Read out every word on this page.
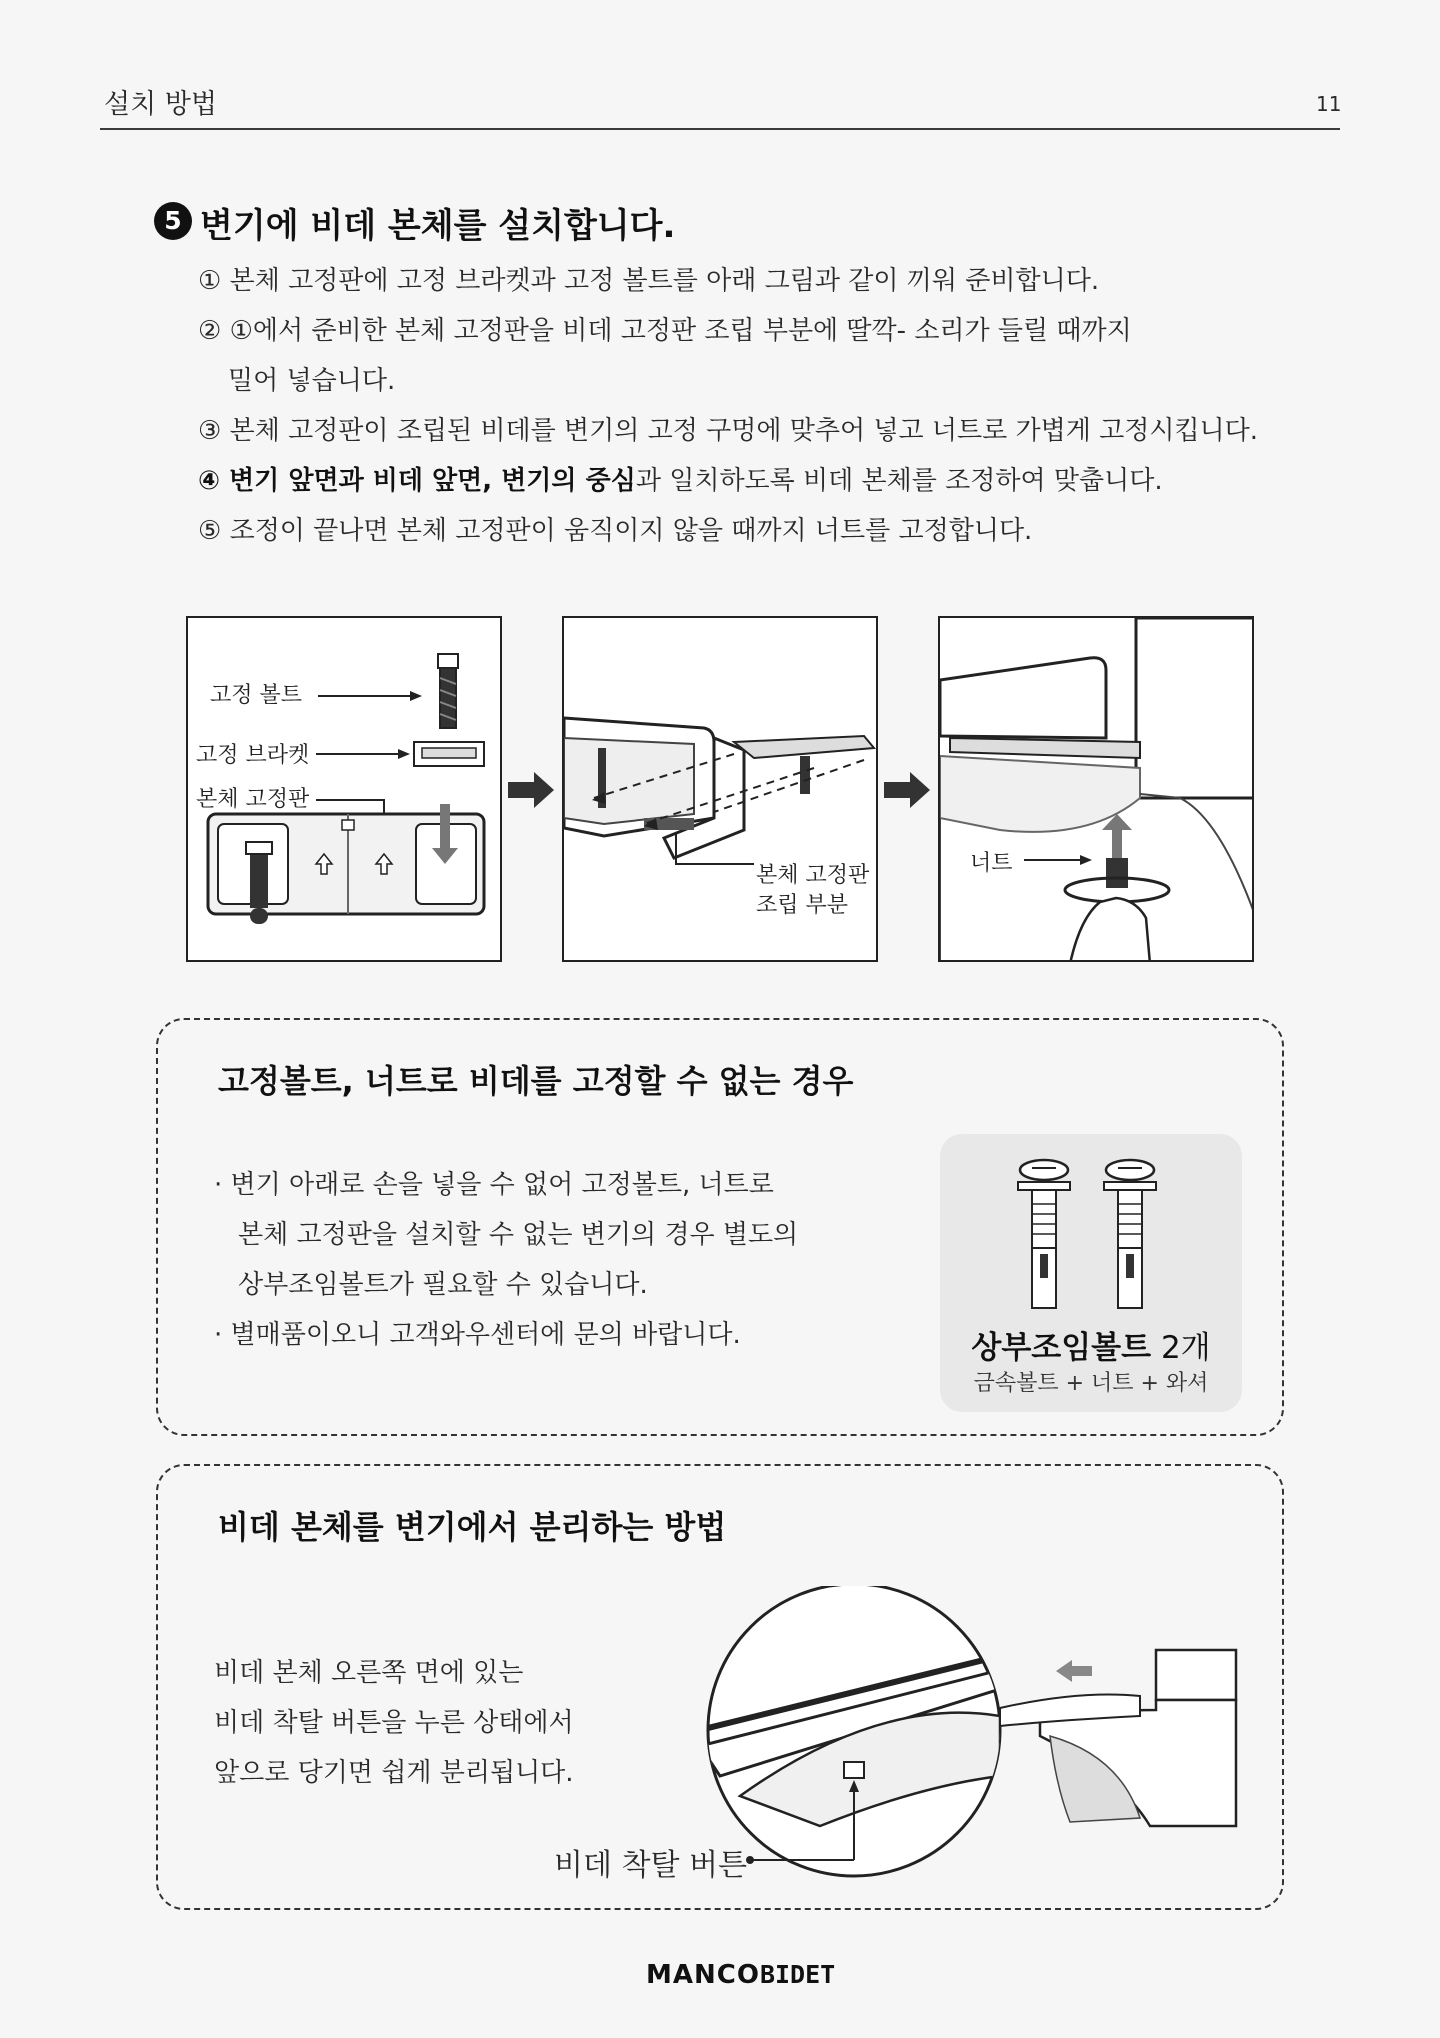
설치 방법	11
5 변기에 비데 본체를 설치합니다.
① 본체 고정판에 고정 브라켓과 고정 볼트를 아래 그림과 같이 끼워 준비합니다.
② ①에서 준비한 본체 고정판을 비데 고정판 조립 부분에 딸깍- 소리가 들릴 때까지
밀어 넣습니다.
③ 본체 고정판이 조립된 비데를 변기의 고정 구멍에 맞추어 넣고 너트로 가볍게 고정시킵니다.
④ 변기 앞면과 비데 앞면, 변기의 중심과 일치하도록 비데 본체를 조정하여 맞춥니다.
⑤ 조정이 끝나면 본체 고정판이 움직이지 않을 때까지 너트를 고정합니다.
고정 볼트
고정 브라켓
본체 고정판
본체 고정판
조립 부분
너트
고정볼트, 너트로 비데를 고정할 수 없는 경우
· 변기 아래로 손을 넣을 수 없어 고정볼트, 너트로
본체 고정판을 설치할 수 없는 변기의 경우 별도의
상부조임볼트가 필요할 수 있습니다.
· 별매품이오니 고객와우센터에 문의 바랍니다.	상부조임볼트 2개
금속볼트 + 너트 + 와셔
비데 본체를 변기에서 분리하는 방법
비데 본체 오른쪽 면에 있는
비데 착탈 버튼을 누른 상태에서
앞으로 당기면 쉽게 분리됩니다.
비데 착탈 버튼
MANCOBIDET
